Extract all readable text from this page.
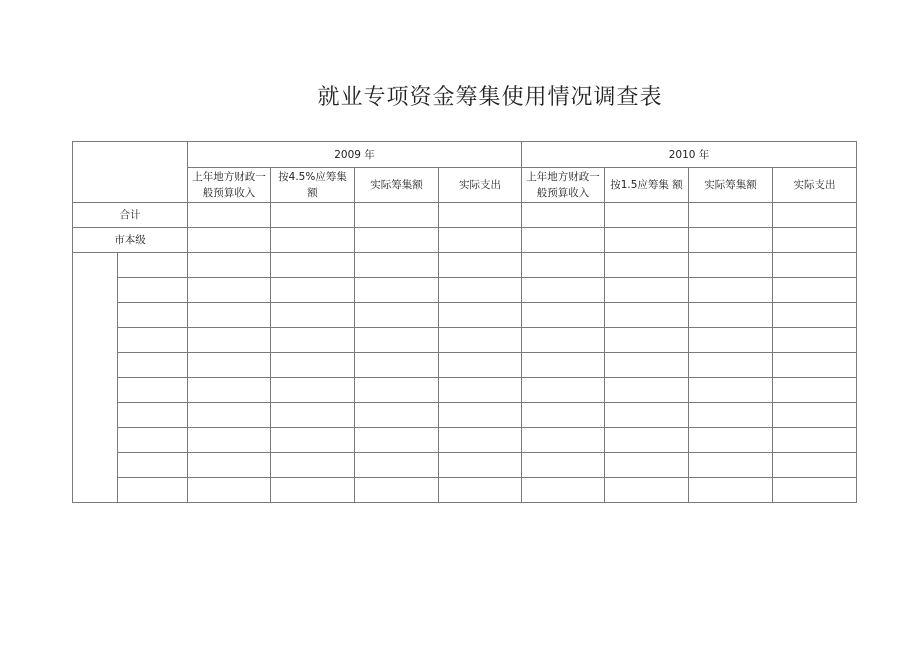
就业专项资金筹集使用情况调查表
		2009 年				2010 年			

		上年地方财政一般预算收入	按4.5%应筹集额	实际筹集额	实际支出	上年地方财政一般预算收入	按1.5应筹集 额	实际筹集额	实际支出

合计									
市本级									
